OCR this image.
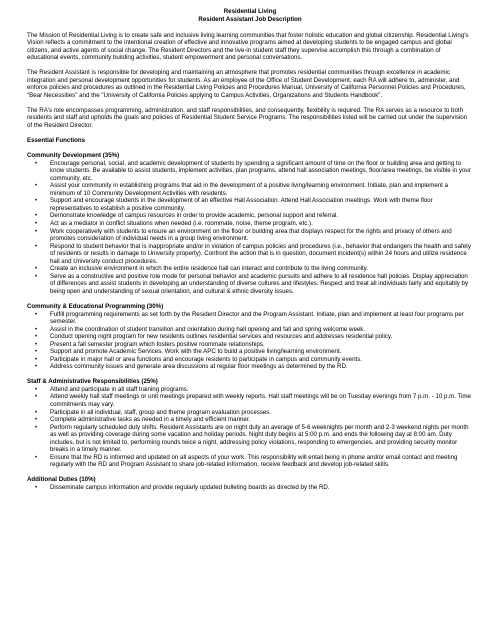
Residential Living
Resident Assistant Job Description

The Mission of Residential Living is to create safe and inclusive living learning communities that foster holistic education and global citizenship. Residential Living's Vision reflects a commitment to the intentional creation of effective and innovative programs aimed at developing students to be engaged campus and global citizens, and active agents of social change. The Resident Directors and the live-in student staff they supervise accomplish this through a combination of educational events, community building activities, student empowerment and personal conversations.

The Resident Assistant is responsible for developing and maintaining an atmosphere that promotes residential communities through excellence in academic integration and personal development opportunities for students. As an employee of the Office of Student Development, each RA will adhere to, administer, and enforce policies and procedures as outlined in the Residential Living Policies and Procedures Manual, University of California Personnel Policies and Procedures, "Bear Necessities" and the "University of California Policies applying to Campus Activities, Organizations and Students Handbook".

The RA's role encompasses programming, administration, and staff responsibilities, and consequently, flexibility is required. The RA serves as a resource to both residents and staff and upholds the goals and policies of Residential Student Service Programs. The responsibilities listed will be carried out under the supervision of the Resident Director.

Essential Functions
Community Development (35%)
• Encourage personal, social, and academic development of students by spending a significant amount of time on the floor or building area and getting to know students. Be available to assist students, implement activities, plan programs, attend hall association meetings, floor/area meetings, be visible in your community, etc.
• Assist your community in establishing programs that aid in the development of a positive living/learning environment. Initiate, plan and implement a minimum of 10 Community Development Activities with residents.
• Support and encourage students in the development of an effective Hall Association. Attend Hall Association meetings. Work with theme floor representatives to establish a positive community.
• Demonstrate knowledge of campus resources in order to provide academic, personal support and referral.
• Act as a mediator in conflict situations when needed (i.e. roommate, noise, theme program, etc.).
• Work cooperatively with students to ensure an environment on the floor or building area that displays respect for the rights and privacy of others and promotes consideration of individual needs in a group living environment.
• Respond to student behavior that is inappropriate and/or in violation of campus policies and procedures (i.e., behavior that endangers the health and safety of residents or results in damage to University property). Confront the action that is in question, document incident(s) within 24 hours and utilize residence hall and University conduct procedures.
• Create an inclusive environment in which the entire residence hall can interact and contribute to the living community.
• Serve as a constructive and positive role mode for personal behavior and academic pursuits and adhere to all residence hall policies. Display appreciation of differences and assist students in developing an understanding of diverse cultures and lifestyles. Respect and treat all individuals fairly and equitably by being open and understanding of sexual orientation, and cultural & ethnic diversity issues.
Community & Educational Programming (30%)
• Fulfill programming requirements as set forth by the Resident Director and the Program Assistant. Initiate, plan and implement at least four programs per semester.
• Assist in the coordination of student transition and orientation during hall opening and fall and spring welcome week.
• Conduct opening night program for new residents outlines residential services and resources and addresses residential policy.
• Present a fall semester program which fosters positive roommate relationships.
• Support and promote Academic Services. Work with the APC to build a positive living/learning environment.
• Participate in major hall or area functions and encourage residents to participate in campus and community events.
• Address community issues and generate area discussions at regular floor meetings as determined by the RD.
Staff & Administrative Responsibilities (25%)
• Attend and participate in all staff training programs.
• Attend weekly hall staff meetings or unit meetings prepared with weekly reports. Hall staff meetings will be on Tuesday evenings from 7 p.m. - 10 p.m. Time commitments may vary.
• Participate in all individual, staff, group and theme program evaluation processes.
• Complete administrative tasks as needed in a timely and efficient manner.
• Perform regularly scheduled duty shifts. Resident Assistants are on night duty an average of 5-6 weeknights per month and 2-3 weekend nights per month as well as providing coverage during some vacation and holiday periods. Night duty begins at 5:00 p.m. and ends the following day at 8:00 am. Duty includes, but is not limited to, performing rounds twice a night, addressing policy violations, responding to emergencies, and providing security monitor breaks in a timely manner.
• Ensure that the RD is informed and updated on all aspects of your work. This responsibility will entail being in phone and/or email contact and meeting regularly with the RD and Program Assistant to share job-related information, receive feedback and develop job-related skills.
Additional Duties (10%)
• Disseminate campus information and provide regularly updated bulleting boards as directed by the RD.
